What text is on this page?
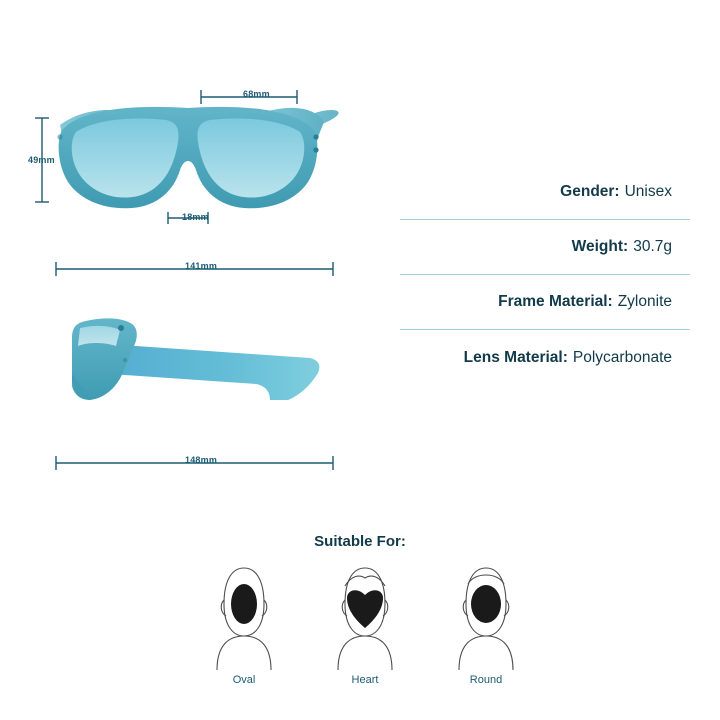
68mm
49mm
18mm
141mm
148mm
Gender: Unisex
Weight: 30.7g
Frame Material: Zylonite
Lens Material: Polycarbonate
Suitable For:
Oval	Heart	Round
